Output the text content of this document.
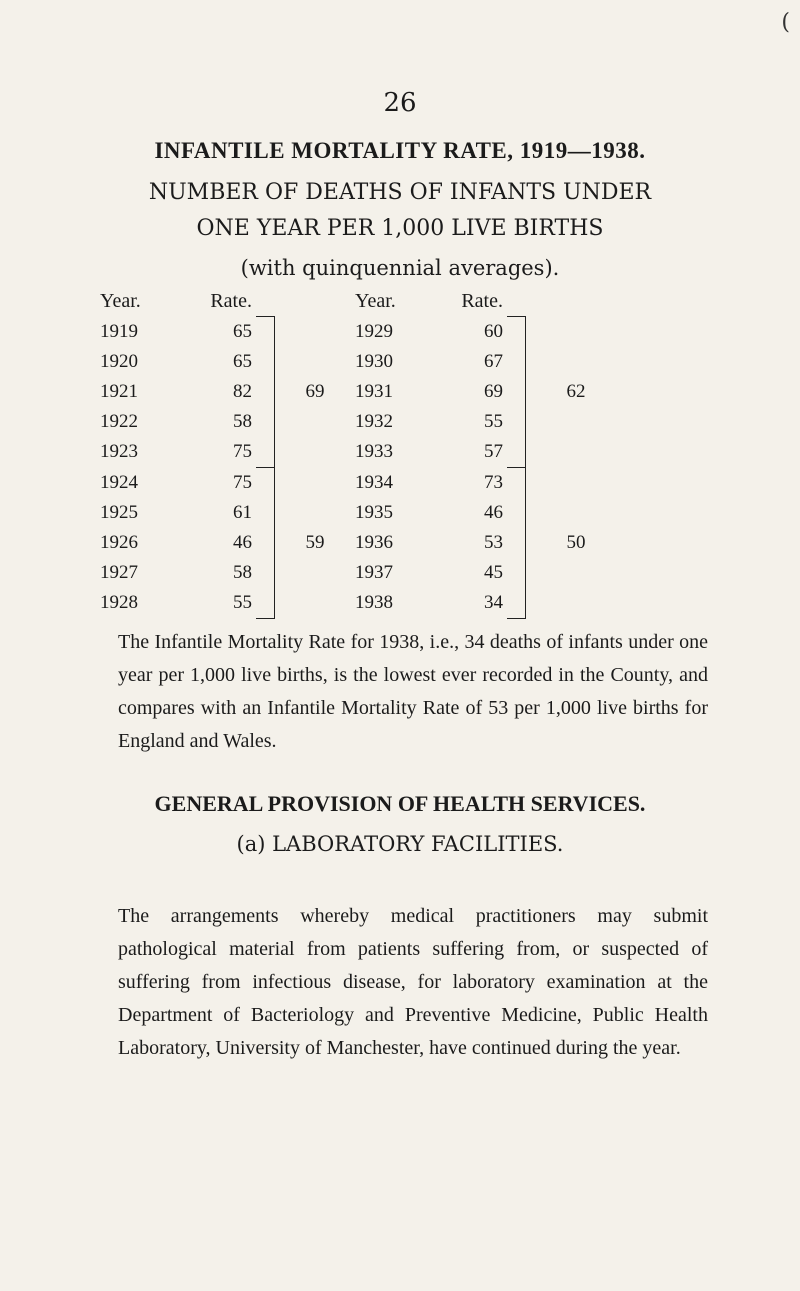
(
26
INFANTILE MORTALITY RATE, 1919—1938.
NUMBER OF DEATHS OF INFANTS UNDER
ONE YEAR PER 1,000 LIVE BIRTHS
(with quinquennial averages).
Year.	Rate.			Year.	Rate.		
1919	65			1929	60		
1920	65			1930	67		
1921	82		69	1931	69		62
1922	58			1932	55		
1923	75			1933	57		
1924	75			1934	73		
1925	61			1935	46		
1926	46		59	1936	53		50
1927	58			1937	45		
1928	55			1938	34		
The Infantile Mortality Rate for 1938, i.e., 34 deaths of infants under one year per 1,000 live births, is the lowest ever recorded in the County, and compares with an Infantile Mortality Rate of 53 per 1,000 live births for England and Wales.
GENERAL PROVISION OF HEALTH SERVICES.
(a) LABORATORY FACILITIES.
The arrangements whereby medical practitioners may submit pathological material from patients suffering from, or suspected of suffering from infectious disease, for laboratory examination at the Department of Bacteriology and Preventive Medicine, Public Health Laboratory, University of Manchester, have continued during the year.
